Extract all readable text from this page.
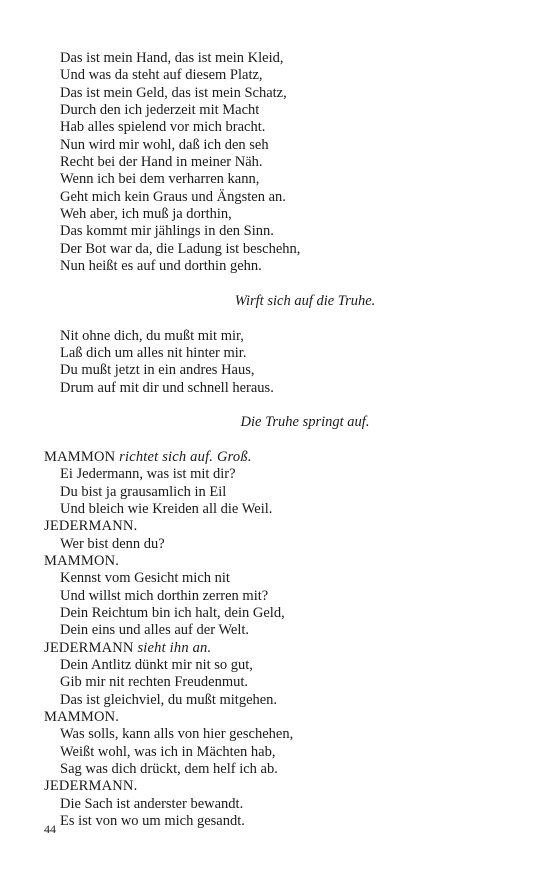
Das ist mein Hand, das ist mein Kleid,
Und was da steht auf diesem Platz,
Das ist mein Geld, das ist mein Schatz,
Durch den ich jederzeit mit Macht
Hab alles spielend vor mich bracht.
Nun wird mir wohl, daß ich den seh
Recht bei der Hand in meiner Näh.
Wenn ich bei dem verharren kann,
Geht mich kein Graus und Ängsten an.
Weh aber, ich muß ja dorthin,
Das kommt mir jählings in den Sinn.
Der Bot war da, die Ladung ist beschehn,
Nun heißt es auf und dorthin gehn.
Wirft sich auf die Truhe.
Nit ohne dich, du mußt mit mir,
Laß dich um alles nit hinter mir.
Du mußt jetzt in ein andres Haus,
Drum auf mit dir und schnell heraus.
Die Truhe springt auf.
MAMMON richtet sich auf. Groß.
Ei Jedermann, was ist mit dir?
Du bist ja grausamlich in Eil
Und bleich wie Kreiden all die Weil.
JEDERMANN.
Wer bist denn du?
MAMMON.
Kennst vom Gesicht mich nit
Und willst mich dorthin zerren mit?
Dein Reichtum bin ich halt, dein Geld,
Dein eins und alles auf der Welt.
JEDERMANN sieht ihn an.
Dein Antlitz dünkt mir nit so gut,
Gib mir nit rechten Freudenmut.
Das ist gleichviel, du mußt mitgehen.
MAMMON.
Was solls, kann alls von hier geschehen,
Weißt wohl, was ich in Mächten hab,
Sag was dich drückt, dem helf ich ab.
JEDERMANN.
Die Sach ist anderster bewandt.
Es ist von wo um mich gesandt.
44
